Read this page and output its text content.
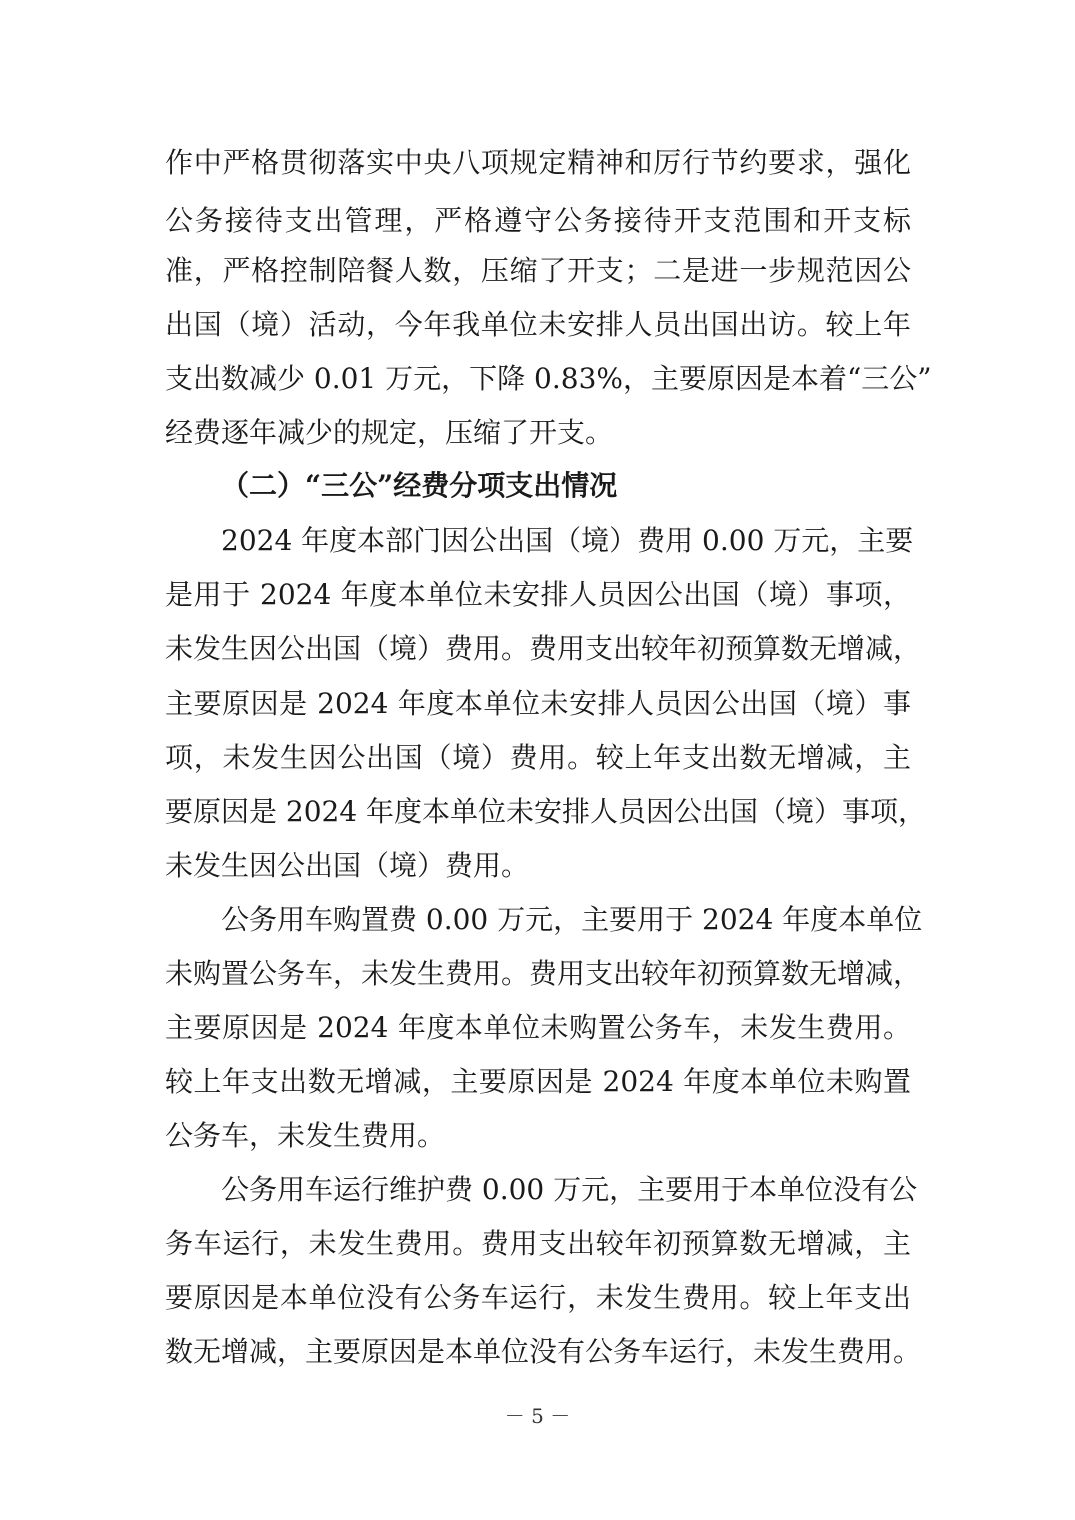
作中严格贯彻落实中央八项规定精神和厉行节约要求，强化
公务接待支出管理，严格遵守公务接待开支范围和开支标
准，严格控制陪餐人数，压缩了开支；二是进一步规范因公
出国（境）活动，今年我单位未安排人员出国出访。较上年
支出数减少 0.01 万元，下降 0.83%，主要原因是本着“三公”
经费逐年减少的规定，压缩了开支。
（二）“三公”经费分项支出情况
2024 年度本部门因公出国（境）费用 0.00 万元，主要
是用于 2024 年度本单位未安排人员因公出国（境）事项，
未发生因公出国（境）费用。费用支出较年初预算数无增减，
主要原因是 2024 年度本单位未安排人员因公出国（境）事
项，未发生因公出国（境）费用。较上年支出数无增减，主
要原因是 2024 年度本单位未安排人员因公出国（境）事项，
未发生因公出国（境）费用。
公务用车购置费 0.00 万元，主要用于 2024 年度本单位
未购置公务车，未发生费用。费用支出较年初预算数无增减，
主要原因是 2024 年度本单位未购置公务车，未发生费用。
较上年支出数无增减，主要原因是 2024 年度本单位未购置
公务车，未发生费用。
公务用车运行维护费 0.00 万元，主要用于本单位没有公
务车运行，未发生费用。费用支出较年初预算数无增减，主
要原因是本单位没有公务车运行，未发生费用。较上年支出
数无增减，主要原因是本单位没有公务车运行，未发生费用。
－ 5 －
